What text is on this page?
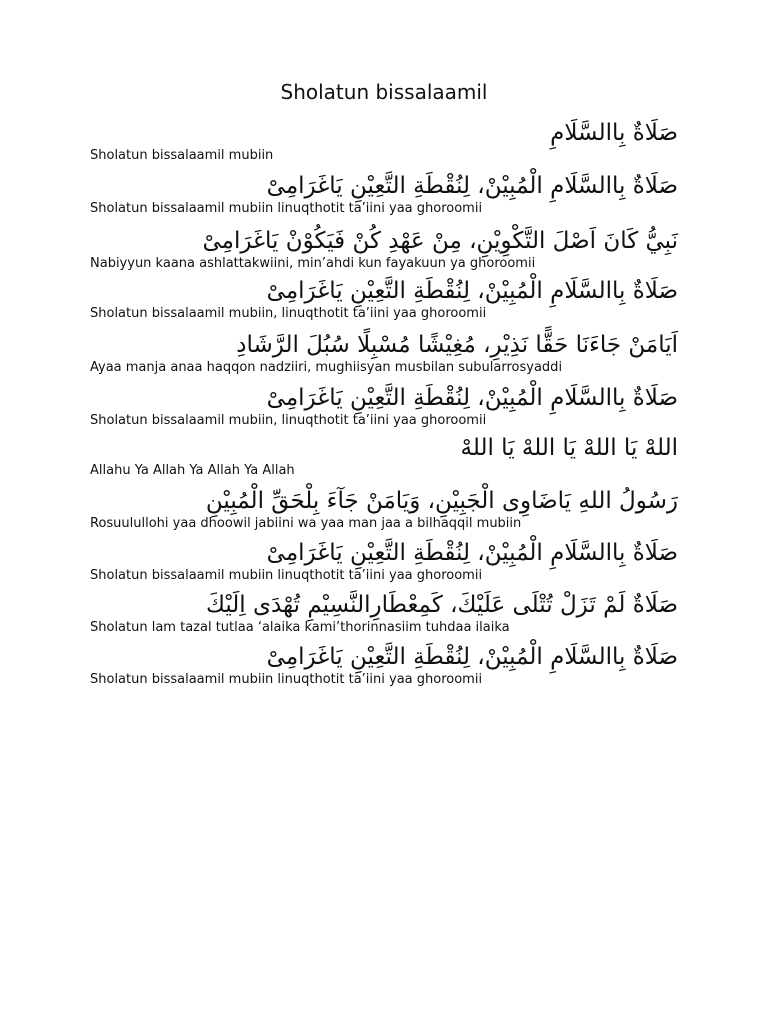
Sholatun bissalaamil
صَلَاةٌ بِاالسَّلَامِ
Sholatun bissalaamil mubiin
صَلَاةٌ بِاالسَّلَامِ الْمُبِيْنْ، لِنُقْطَةِ التَّعِيْنِ يَاغَرَامِىْ
Sholatun bissalaamil mubiin linuqthotit ta’iini yaa ghoroomii
نَبِيُّ كَانَ اَصْلَ التَّكْوِيْنِ، مِنْ عَهْدِ كُنْ فَيَكُوْنْ يَاغَرَامِىْ
Nabiyyun kaana ashlattakwiini, min’ahdi kun fayakuun ya ghoroomii
صَلَاةٌ بِاالسَّلَامِ الْمُبِيْنْ، لِنُقْطَةِ التَّعِيْنِ يَاغَرَامِىْ
Sholatun bissalaamil mubiin, linuqthotit ta’iini yaa ghoroomii
اَيَامَنْ جَاءَنَا حَقًّا نَذِيْرِ، مُغِيْشًا مُسْبِلًا سُبُلَ الرَّشَادِ
Ayaa manja anaa haqqon nadziiri, mughiisyan musbilan subularrosyaddi
صَلَاةٌ بِاالسَّلَامِ الْمُبِيْنْ، لِنُقْطَةِ التَّعِيْنِ يَاغَرَامِىْ
Sholatun bissalaamil mubiin, linuqthotit ta’iini yaa ghoroomii
اللهْ يَا اللهْ يَا اللهْ يَا اللهْ
Allahu Ya Allah Ya Allah Ya Allah
رَسُولُ اللهِ يَاضَاوِى الْجَبِيْنِ، وَيَامَنْ جَآءَ بِلْحَقِّ الْمُبِيْنِ
Rosuulullohi yaa dhoowil jabiini wa yaa man jaa a bilhaqqil mubiin
صَلَاةٌ بِاالسَّلَامِ الْمُبِيْنْ، لِنُقْطَةِ التَّعِيْنِ يَاغَرَامِىْ
Sholatun bissalaamil mubiin linuqthotit ta’iini yaa ghoroomii
صَلَاةٌ لَمْ تَزَلْ تُتْلَى عَلَيْكَ، كَمِعْطَارِالنَّسِيْمِ تُهْدَى اِلَيْكَ
Sholatun lam tazal tutlaa ‘alaika kami’thorinnasiim tuhdaa ilaika
صَلَاةٌ بِاالسَّلَامِ الْمُبِيْنْ، لِنُقْطَةِ التَّعِيْنِ يَاغَرَامِىْ
Sholatun bissalaamil mubiin linuqthotit ta’iini yaa ghoroomii
